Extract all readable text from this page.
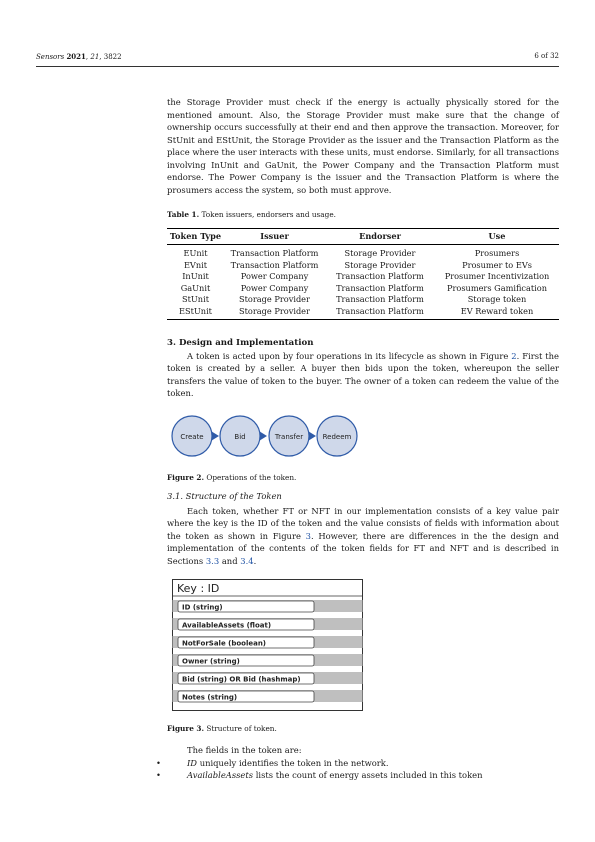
Sensors 2021, 21, 3822	6 of 32

the Storage Provider must check if the energy is actually physically stored for the mentioned amount. Also, the Storage Provider must make sure that the change of ownership occurs successfully at their end and then approve the transaction. Moreover, for StUnit and EStUnit, the Storage Provider as the issuer and the Transaction Platform as the place where the user interacts with these units, must endorse. Similarly, for all transactions involving InUnit and GaUnit, the Power Company and the Transaction Platform must endorse. The Power Company is the issuer and the Transaction Platform is where the prosumers access the system, so both must approve.

Table 1. Token issuers, endorsers and usage.
Token Type	Issuer	Endorser	Use
EUnit	Transaction Platform	Storage Provider	Prosumers
EVnit	Transaction Platform	Storage Provider	Prosumer to EVs
InUnit	Power Company	Transaction Platform	Prosumer Incentivization
GaUnit	Power Company	Transaction Platform	Prosumers Gamification
StUnit	Storage Provider	Transaction Platform	Storage token
EStUnit	Storage Provider	Transaction Platform	EV Reward token
3. Design and Implementation

A token is acted upon by four operations in its lifecycle as shown in Figure 2. First the token is created by a seller. A buyer then bids upon the token, whereupon the seller transfers the value of token to the buyer. The owner of a token can redeem the value of the token.

Create	Bid	Transfer	Redeem
Figure 2. Operations of the token.
3.1. Structure of the Token

Each token, whether FT or NFT in our implementation consists of a key value pair where the key is the ID of the token and the value consists of fields with information about the token as shown in Figure 3. However, there are differences in the the design and implementation of the contents of the token fields for FT and NFT and is described in Sections 3.3 and 3.4.

Key : ID
ID (string)
AvailableAssets (float)
NotForSale (boolean)
Owner (string)
Bid (string) OR Bid (hashmap)
Notes (string)
Figure 3. Structure of token.

The fields in the token are:

• ID uniquely identifies the token in the network.
• AvailableAssets lists the count of energy assets included in this token
